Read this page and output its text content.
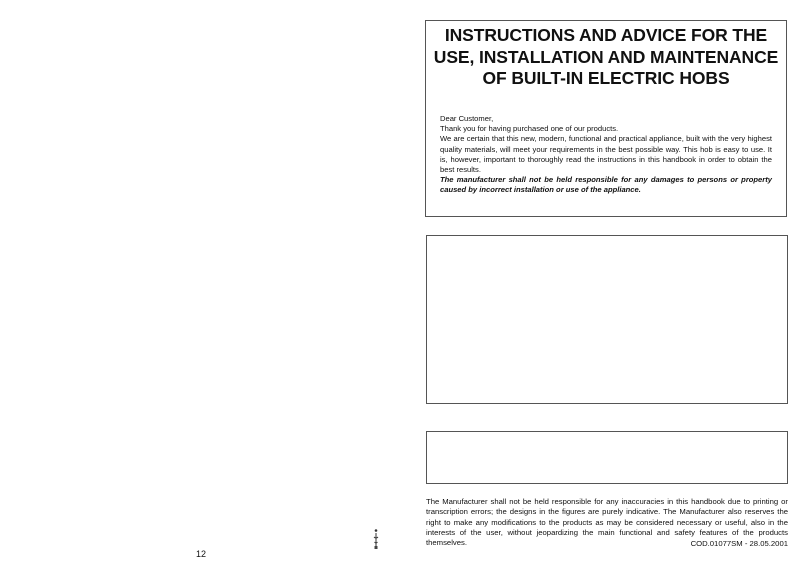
INSTRUCTIONS AND ADVICE FOR THE
USE, INSTALLATION AND MAINTENANCE
OF BUILT-IN ELECTRIC HOBS

Dear Customer,

Thank you for having purchased one of our products.

We are certain that this new, modern, functional and practical appliance, built with the very highest quality materials, will meet your requirements in the best possible way. This hob is easy to use. It is, however, important to thoroughly read the instructions in this handbook in order to obtain the best results.

The manufacturer shall not be held responsible for any damages to persons or property caused by incorrect installation or use of the appliance.

The Manufacturer shall not be held responsible for any inaccuracies in this handbook due to printing or transcription errors; the designs in the figures are purely indicative. The Manufacturer also reserves the right to make any modifications to the products as may be considered necessary or useful, also in the interests of the user, without jeopardizing the main functional and safety features of the products themselves.	COD.01077SM - 28.05.2001
12
